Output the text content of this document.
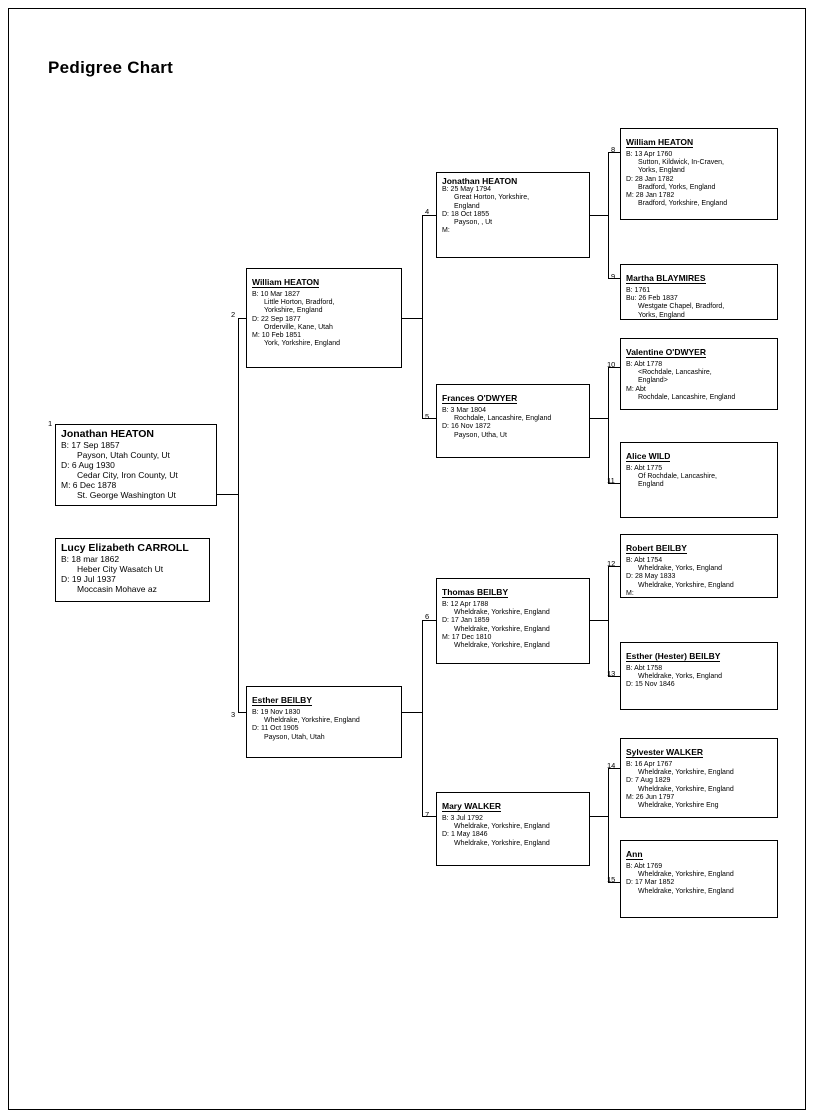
Pedigree Chart
1
2
3
4
5
6
7
8
9
10
11
12
13
14
15
Jonathan HEATON
B: 17 Sep 1857
Payson, Utah County, Ut
D: 6 Aug 1930
Cedar City, Iron County, Ut
M: 6 Dec 1878
St. George Washington Ut
Lucy Elizabeth CARROLL
B: 18 mar 1862
Heber City Wasatch Ut
D: 19 Jul 1937
Moccasin Mohave az
William HEATON
B: 10 Mar 1827
Little Horton, Bradford,
Yorkshire, England
D: 22 Sep 1877
Orderville, Kane, Utah
M: 10 Feb 1851
York, Yorkshire, England
Esther BEILBY
B: 19 Nov 1830
Wheldrake, Yorkshire, England
D: 11 Oct 1905
Payson, Utah, Utah
Jonathan HEATON
B: 25 May 1794
Great Horton, Yorkshire,
England
D: 18 Oct 1855
Payson, , Ut
M:
Frances O'DWYER
B: 3 Mar 1804
Rochdale, Lancashire, England
D: 16 Nov 1872
Payson, Utha, Ut
Thomas BEILBY
B: 12 Apr 1788
Wheldrake, Yorkshire, England
D: 17 Jan 1859
Wheldrake, Yorkshire, England
M: 17 Dec 1810
Wheldrake, Yorkshire, England
Mary WALKER
B: 3 Jul 1792
Wheldrake, Yorkshire, England
D: 1 May 1846
Wheldrake, Yorkshire, England
William HEATON
B: 13 Apr 1760
Sutton, Kildwick, In-Craven,
Yorks, England
D: 28 Jan 1782
Bradford, Yorks, England
M: 28 Jan 1782
Bradford, Yorkshire, England
Martha BLAYMIRES
B: 1761
Bu: 26 Feb 1837
Westgate Chapel, Bradford,
Yorks, England
Valentine O'DWYER
B: Abt 1778
<Rochdale, Lancashire,
England>
M: Abt
Rochdale, Lancashire, England
Alice WILD
B: Abt 1775
Of Rochdale, Lancashire,
England
Robert BEILBY
B: Abt 1754
Wheldrake, Yorks, England
D: 28 May 1833
Wheldrake, Yorkshire, England
M:
Esther (Hester) BEILBY
B: Abt 1758
Wheldrake, Yorks, England
D: 15 Nov 1846
Sylvester WALKER
B: 16 Apr 1767
Wheldrake, Yorkshire, England
D: 7 Aug 1829
Wheldrake, Yorkshire, England
M: 26 Jun 1797
Wheldrake, Yorkshire Eng
Ann
B: Abt 1769
Wheldrake, Yorkshire, England
D: 17 Mar 1852
Wheldrake, Yorkshire, England
